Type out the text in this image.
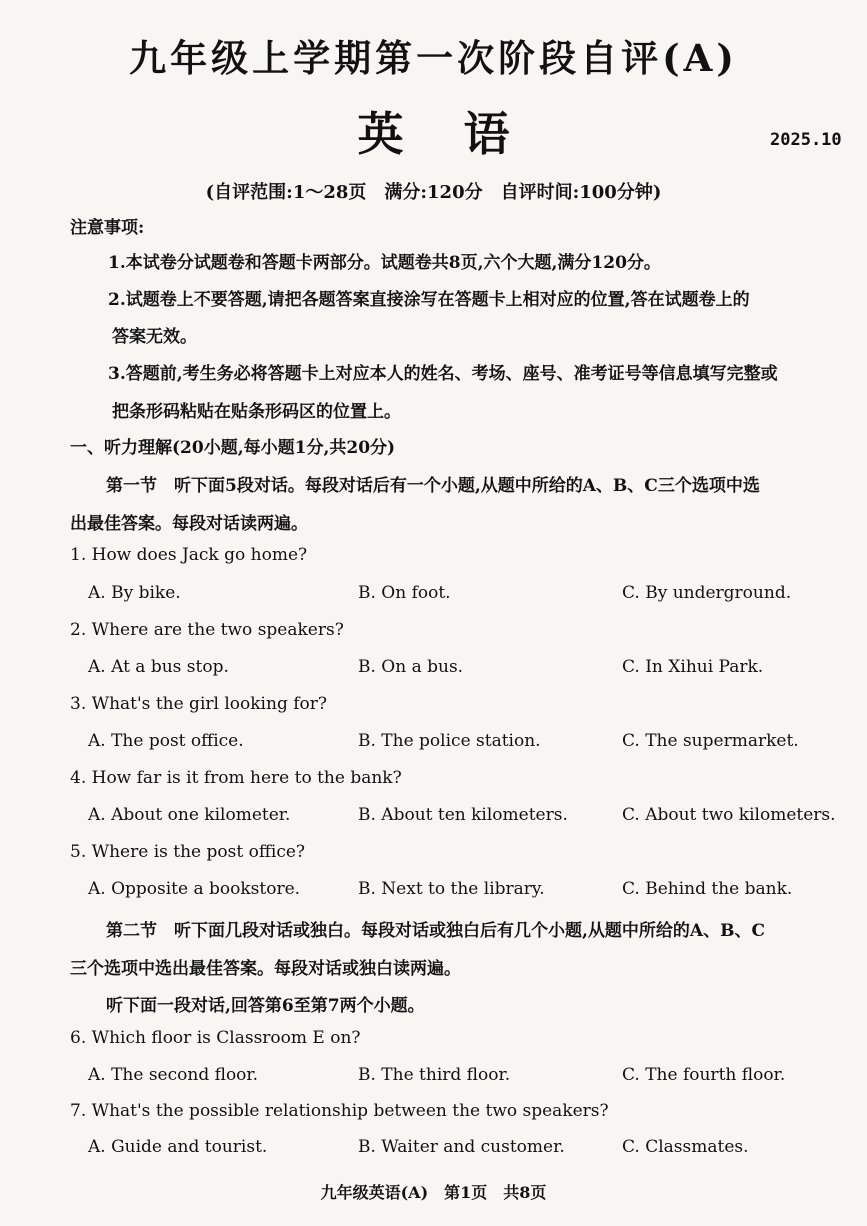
九年级上学期第一次阶段自评(A)
英语	2025.10
(自评范围:1～28页　满分:120分　自评时间:100分钟)
注意事项:
1.本试卷分试题卷和答题卡两部分。试题卷共8页,六个大题,满分120分。
2.试题卷上不要答题,请把各题答案直接涂写在答题卡上相对应的位置,答在试题卷上的
答案无效。
3.答题前,考生务必将答题卡上对应本人的姓名、考场、座号、准考证号等信息填写完整或
把条形码粘贴在贴条形码区的位置上。
一、听力理解(20小题,每小题1分,共20分)
第一节　听下面5段对话。每段对话后有一个小题,从题中所给的A、B、C三个选项中选
出最佳答案。每段对话读两遍。
1. How does Jack go home?
A. By bike.	B. On foot.	C. By underground.
2. Where are the two speakers?
A. At a bus stop.	B. On a bus.	C. In Xihui Park.
3. What's the girl looking for?
A. The post office.	B. The police station.	C. The supermarket.
4. How far is it from here to the bank?
A. About one kilometer.	B. About ten kilometers.	C. About two kilometers.
5. Where is the post office?
A. Opposite a bookstore.	B. Next to the library.	C. Behind the bank.
第二节　听下面几段对话或独白。每段对话或独白后有几个小题,从题中所给的A、B、C
三个选项中选出最佳答案。每段对话或独白读两遍。
听下面一段对话,回答第6至第7两个小题。
6. Which floor is Classroom E on?
A. The second floor.	B. The third floor.	C. The fourth floor.
7. What's the possible relationship between the two speakers?
A. Guide and tourist.	B. Waiter and customer.	C. Classmates.
九年级英语(A)　第1页　共8页
